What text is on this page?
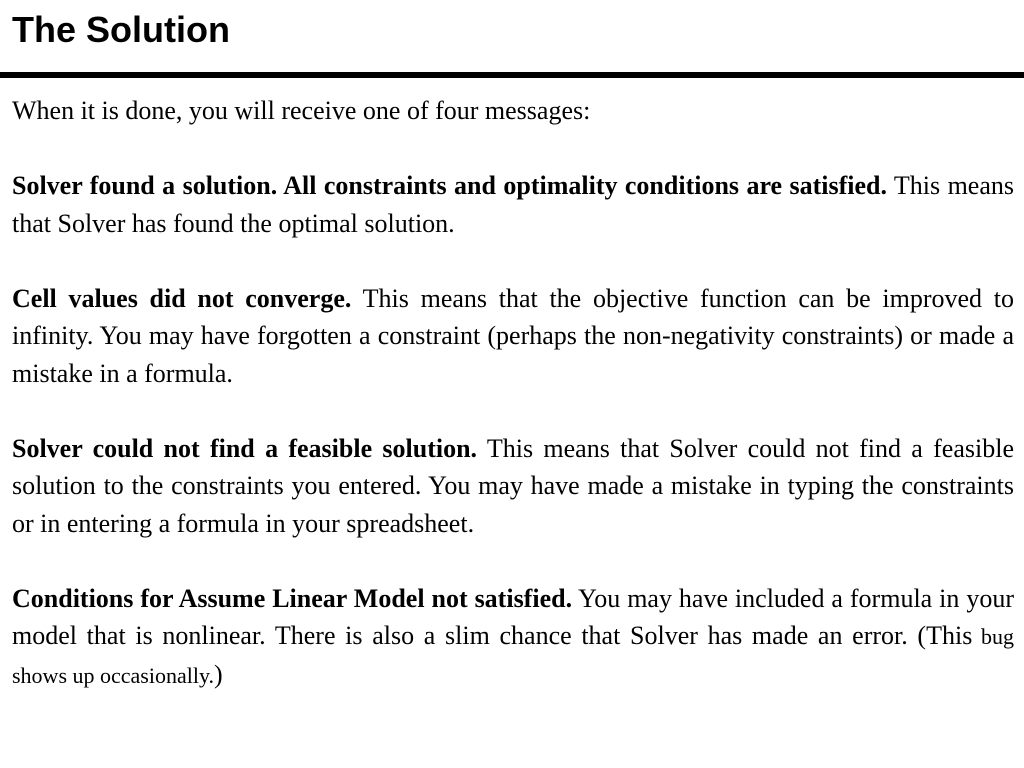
The Solution

When it is done, you will receive one of four messages:

Solver found a solution. All constraints and optimality conditions are satisfied. This means that Solver has found the optimal solution.

Cell values did not converge. This means that the objective function can be improved to infinity. You may have forgotten a constraint (perhaps the non-negativity constraints) or made a mistake in a formula.

Solver could not find a feasible solution. This means that Solver could not find a feasible solution to the constraints you entered. You may have made a mistake in typing the constraints or in entering a formula in your spreadsheet.

Conditions for Assume Linear Model not satisfied. You may have included a formula in your model that is nonlinear. There is also a slim chance that Solver has made an error. (This bug shows up occasionally.)
